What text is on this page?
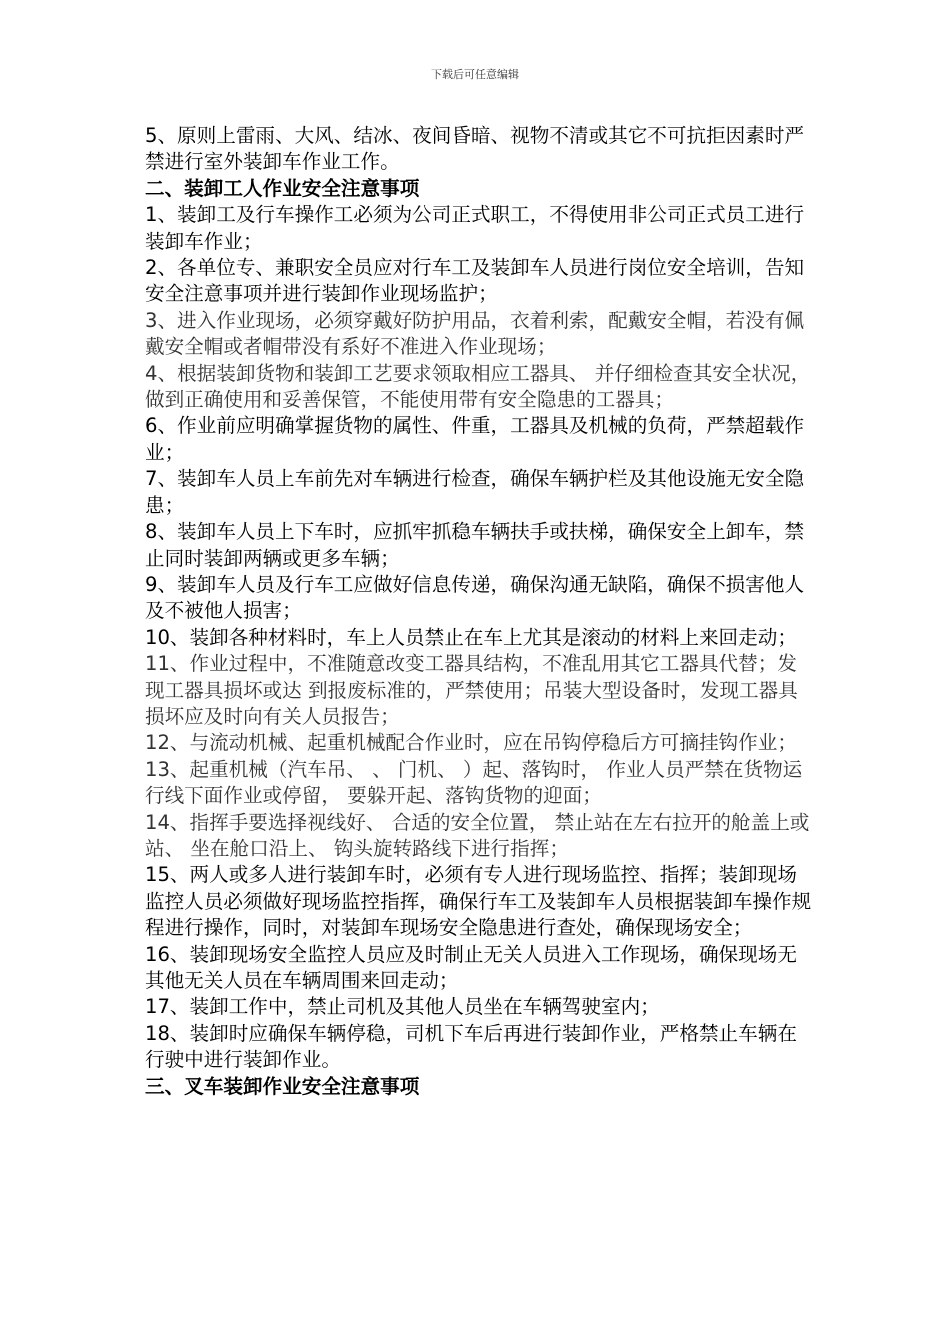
下载后可任意编辑

5、原则上雷雨、大风、结冰、夜间昏暗、视物不清或其它不可抗拒因素时严禁进行室外装卸车作业工作。

二、装卸工人作业安全注意事项

1、装卸工及行车操作工必须为公司正式职工，不得使用非公司正式员工进行装卸车作业；

2、各单位专、兼职安全员应对行车工及装卸车人员进行岗位安全培训，告知安全注意事项并进行装卸作业现场监护；

3、进入作业现场，必须穿戴好防护用品，衣着利索，配戴安全帽，若没有佩戴安全帽或者帽带没有系好不准进入作业现场；

4、根据装卸货物和装卸工艺要求领取相应工器具、 并仔细检查其安全状况， 做到正确使用和妥善保管，不能使用带有安全隐患的工器具；

6、作业前应明确掌握货物的属性、件重，工器具及机械的负荷，严禁超载作业；

7、装卸车人员上车前先对车辆进行检查，确保车辆护栏及其他设施无安全隐患；

8、装卸车人员上下车时，应抓牢抓稳车辆扶手或扶梯，确保安全上卸车，禁止同时装卸两辆或更多车辆；

9、装卸车人员及行车工应做好信息传递，确保沟通无缺陷，确保不损害他人及不被他人损害；

10、装卸各种材料时，车上人员禁止在车上尤其是滚动的材料上来回走动；

11、作业过程中，不准随意改变工器具结构，不准乱用其它工器具代替；发现工器具损坏或达 到报废标准的，严禁使用；吊装大型设备时，发现工器具损坏应及时向有关人员报告；

12、与流动机械、起重机械配合作业时，应在吊钩停稳后方可摘挂钩作业；

13、起重机械（汽车吊、 、 门机、 ）起、落钩时， 作业人员严禁在货物运行线下面作业或停留， 要躲开起、落钩货物的迎面；

14、指挥手要选择视线好、 合适的安全位置， 禁止站在左右拉开的舱盖上或站、 坐在舱口沿上、 钩头旋转路线下进行指挥；

15、两人或多人进行装卸车时，必须有专人进行现场监控、指挥；装卸现场监控人员必须做好现场监控指挥，确保行车工及装卸车人员根据装卸车操作规程进行操作，同时，对装卸车现场安全隐患进行查处，确保现场安全；

16、装卸现场安全监控人员应及时制止无关人员进入工作现场，确保现场无其他无关人员在车辆周围来回走动；

17、装卸工作中，禁止司机及其他人员坐在车辆驾驶室内；

18、装卸时应确保车辆停稳，司机下车后再进行装卸作业，严格禁止车辆在行驶中进行装卸作业。

三、叉车装卸作业安全注意事项
